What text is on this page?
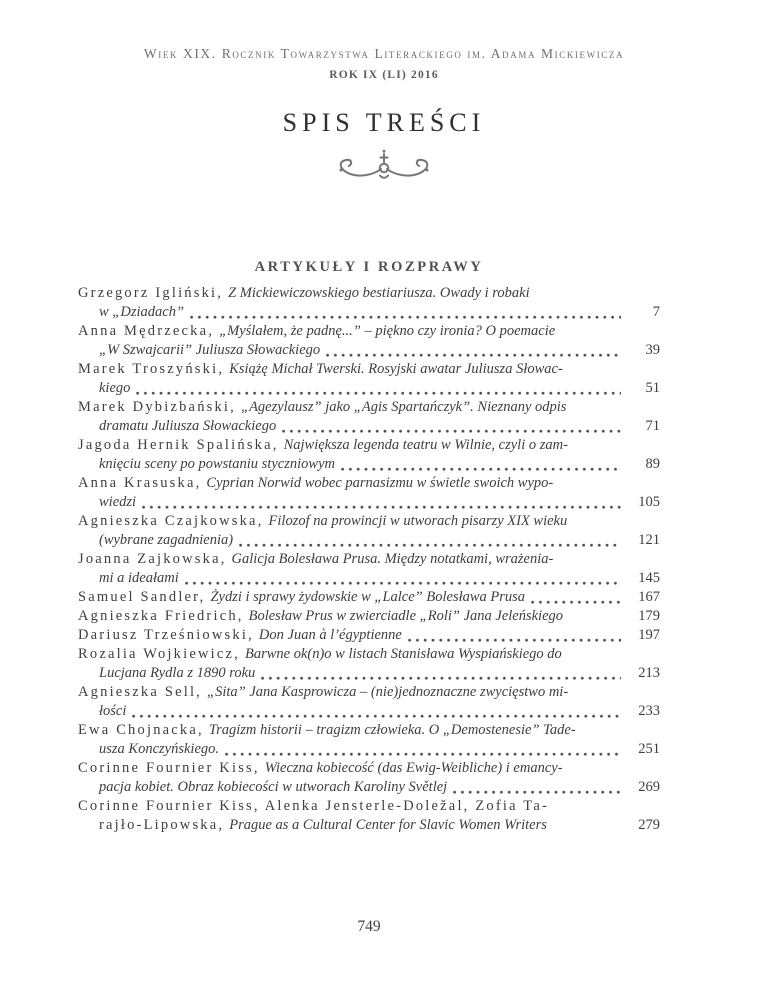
Wiek XIX. Rocznik Towarzystwa Literackiego im. Adama Mickiewicza
ROK IX (LI) 2016
SPIS TREŚCI
ARTYKUŁY I ROZPRAWY
Grzegorz Igliński, Z Mickiewiczowskiego bestiariusza. Owady i robaki
w „Dziadach”	7
Anna Mędrzecka, „Myślałem, że padnę...” – piękno czy ironia? O poemacie
„W Szwajcarii” Juliusza Słowackiego	39
Marek Troszyński, Książę Michał Twerski. Rosyjski awatar Juliusza Słowac-
kiego	51
Marek Dybizbański, „Agezylausz” jako „Agis Spartańczyk”. Nieznany odpis
dramatu Juliusza Słowackiego	71
Jagoda Hernik Spalińska, Największa legenda teatru w Wilnie, czyli o zam-
knięciu sceny po powstaniu styczniowym	89
Anna Krasuska, Cyprian Norwid wobec parnasizmu w świetle swoich wypo-
wiedzi	105
Agnieszka Czajkowska, Filozof na prowincji w utworach pisarzy XIX wieku
(wybrane zagadnienia)	121
Joanna Zajkowska, Galicja Bolesława Prusa. Między notatkami, wrażenia-
mi a ideałami	145
Samuel Sandler, Żydzi i sprawy żydowskie w „Lalce” Bolesława Prusa	167
Agnieszka Friedrich, Bolesław Prus w zwierciadle „Roli” Jana Jeleńskiego	179
Dariusz Trześniowski, Don Juan à l’égyptienne	197
Rozalia Wojkiewicz, Barwne ok(n)o w listach Stanisława Wyspiańskiego do
Lucjana Rydla z 1890 roku	213
Agnieszka Sell, „Sita” Jana Kasprowicza – (nie)jednoznaczne zwycięstwo mi-
łości	233
Ewa Chojnacka, Tragizm historii – tragizm człowieka. O „Demostenesie” Tade-
usza Konczyńskiego.	251
Corinne Fournier Kiss, Wieczna kobiecość (das Ewig-Weibliche) i emancy-
pacja kobiet. Obraz kobiecości w utworach Karoliny Světlej	269
Corinne Fournier Kiss, Alenka Jensterle-Doležal, Zofia Ta-
rajło-Lipowska, Prague as a Cultural Center for Slavic Women Writers	279
749
